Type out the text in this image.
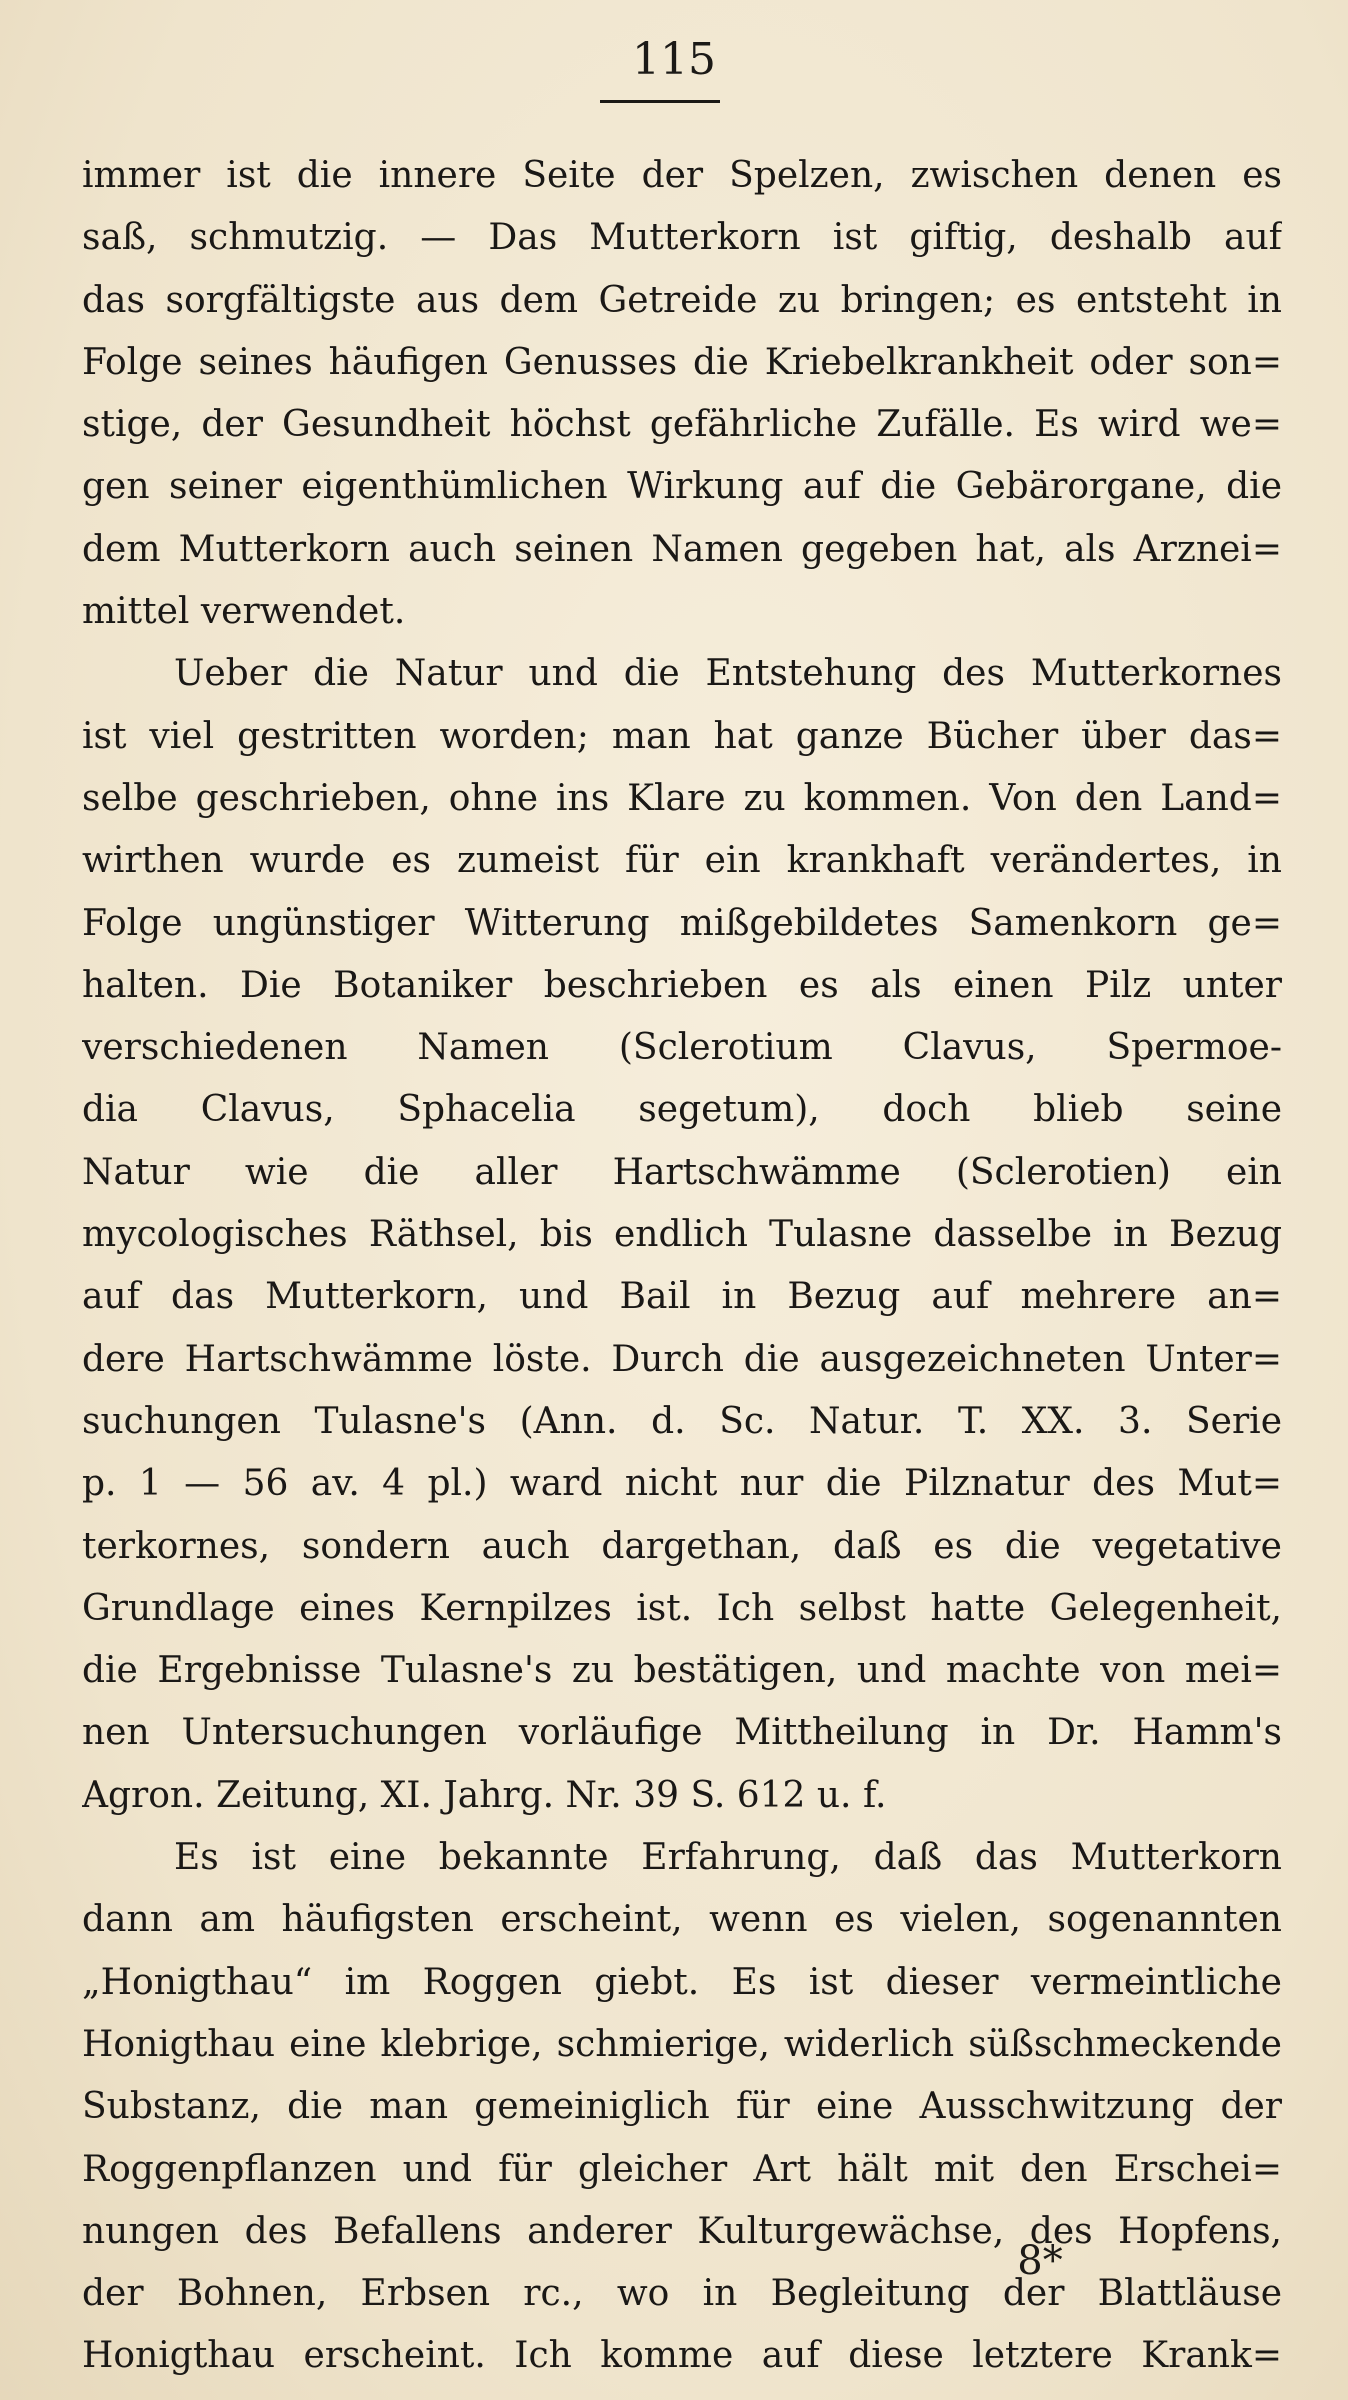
115
immer ist die innere Seite der Spelzen, zwischen denen es
saß, schmutzig. — Das Mutterkorn ist giftig, deshalb auf
das sorgfältigste aus dem Getreide zu bringen; es entsteht in
Folge seines häufigen Genusses die Kriebelkrankheit oder son=
stige, der Gesundheit höchst gefährliche Zufälle. Es wird we=
gen seiner eigenthümlichen Wirkung auf die Gebärorgane, die
dem Mutterkorn auch seinen Namen gegeben hat, als Arznei=
mittel verwendet.
Ueber die Natur und die Entstehung des Mutterkornes
ist viel gestritten worden; man hat ganze Bücher über das=
selbe geschrieben, ohne ins Klare zu kommen. Von den Land=
wirthen wurde es zumeist für ein krankhaft verändertes, in
Folge ungünstiger Witterung mißgebildetes Samenkorn ge=
halten. Die Botaniker beschrieben es als einen Pilz unter
verschiedenen Namen (Sclerotium Clavus, Spermoe-
dia Clavus, Sphacelia segetum), doch blieb seine
Natur wie die aller Hartschwämme (Sclerotien) ein
mycologisches Räthsel, bis endlich Tulasne dasselbe in Bezug
auf das Mutterkorn, und Bail in Bezug auf mehrere an=
dere Hartschwämme löste. Durch die ausgezeichneten Unter=
suchungen Tulasne's (Ann. d. Sc. Natur. T. XX. 3. Serie
p. 1 — 56 av. 4 pl.) ward nicht nur die Pilznatur des Mut=
terkornes, sondern auch dargethan, daß es die vegetative
Grundlage eines Kernpilzes ist. Ich selbst hatte Gelegenheit,
die Ergebnisse Tulasne's zu bestätigen, und machte von mei=
nen Untersuchungen vorläufige Mittheilung in Dr. Hamm's
Agron. Zeitung, XI. Jahrg. Nr. 39 S. 612 u. f.
Es ist eine bekannte Erfahrung, daß das Mutterkorn
dann am häufigsten erscheint, wenn es vielen, sogenannten
„Honigthau“ im Roggen giebt. Es ist dieser vermeintliche
Honigthau eine klebrige, schmierige, widerlich süßschmeckende
Substanz, die man gemeiniglich für eine Ausschwitzung der
Roggenpflanzen und für gleicher Art hält mit den Erschei=
nungen des Befallens anderer Kulturgewächse, des Hopfens,
der Bohnen, Erbsen rc., wo in Begleitung der Blattläuse
Honigthau erscheint. Ich komme auf diese letztere Krank=
8*
